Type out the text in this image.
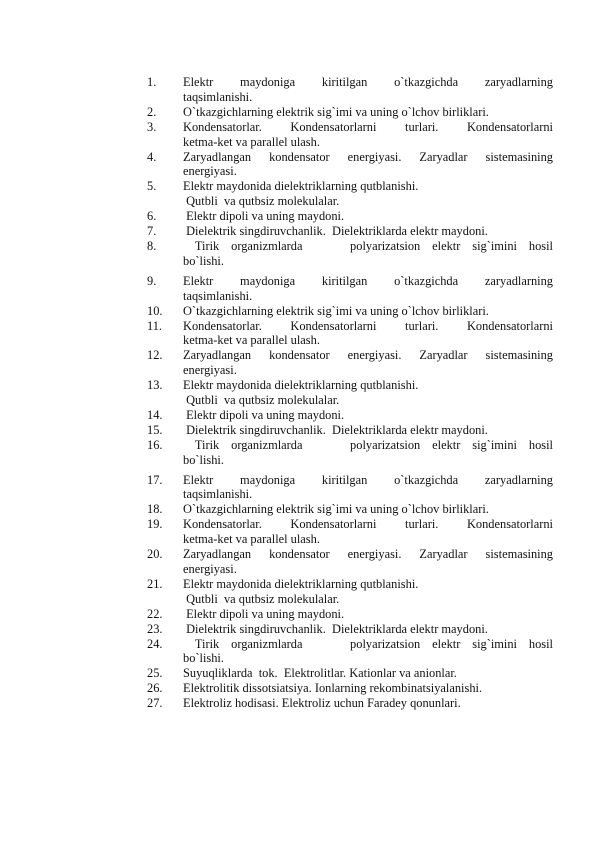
1.	Elektr maydoniga kiritilgan o`tkazgichda zaryadlarning
taqsimlanishi.
2.	O`tkazgichlarning elektrik sig`imi va uning o`lchov birliklari.
3.	Kondensatorlar. Kondensatorlarni turlari. Kondensatorlarni
ketma-ket va parallel ulash.
4.	Zaryadlangan kondensator energiyasi. Zaryadlar sistemasining
energiyasi.
5.	Elektr maydonida dielektriklarning qutblanishi.
Qutbli  va qutbsiz molekulalar.
6.	Elektr dipoli va uning maydoni.
7.	Dielektrik singdiruvchanlik.  Dielektriklarda elektr maydoni.
8.	Tirik organizmlarda    polyarizatsion elektr sig`imini hosil
bo`lishi.
9.	Elektr maydoniga kiritilgan o`tkazgichda zaryadlarning
taqsimlanishi.
10.	O`tkazgichlarning elektrik sig`imi va uning o`lchov birliklari.
11.	Kondensatorlar. Kondensatorlarni turlari. Kondensatorlarni
ketma-ket va parallel ulash.
12.	Zaryadlangan kondensator energiyasi. Zaryadlar sistemasining
energiyasi.
13.	Elektr maydonida dielektriklarning qutblanishi.
Qutbli  va qutbsiz molekulalar.
14.	Elektr dipoli va uning maydoni.
15.	Dielektrik singdiruvchanlik.  Dielektriklarda elektr maydoni.
16.	Tirik organizmlarda    polyarizatsion elektr sig`imini hosil
bo`lishi.
17.	Elektr maydoniga kiritilgan o`tkazgichda zaryadlarning
taqsimlanishi.
18.	O`tkazgichlarning elektrik sig`imi va uning o`lchov birliklari.
19.	Kondensatorlar. Kondensatorlarni turlari. Kondensatorlarni
ketma-ket va parallel ulash.
20.	Zaryadlangan kondensator energiyasi. Zaryadlar sistemasining
energiyasi.
21.	Elektr maydonida dielektriklarning qutblanishi.
Qutbli  va qutbsiz molekulalar.
22.	Elektr dipoli va uning maydoni.
23.	Dielektrik singdiruvchanlik.  Dielektriklarda elektr maydoni.
24.	Tirik organizmlarda    polyarizatsion elektr sig`imini hosil
bo`lishi.
25.	Suyuqliklarda  tok.  Elektrolitlar. Kationlar va anionlar.
26.	Elektrolitik dissotsiatsiya. Ionlarning rekombinatsiyalanishi.
27.	Elektroliz hodisasi. Elektroliz uchun Faradey qonunlari.
